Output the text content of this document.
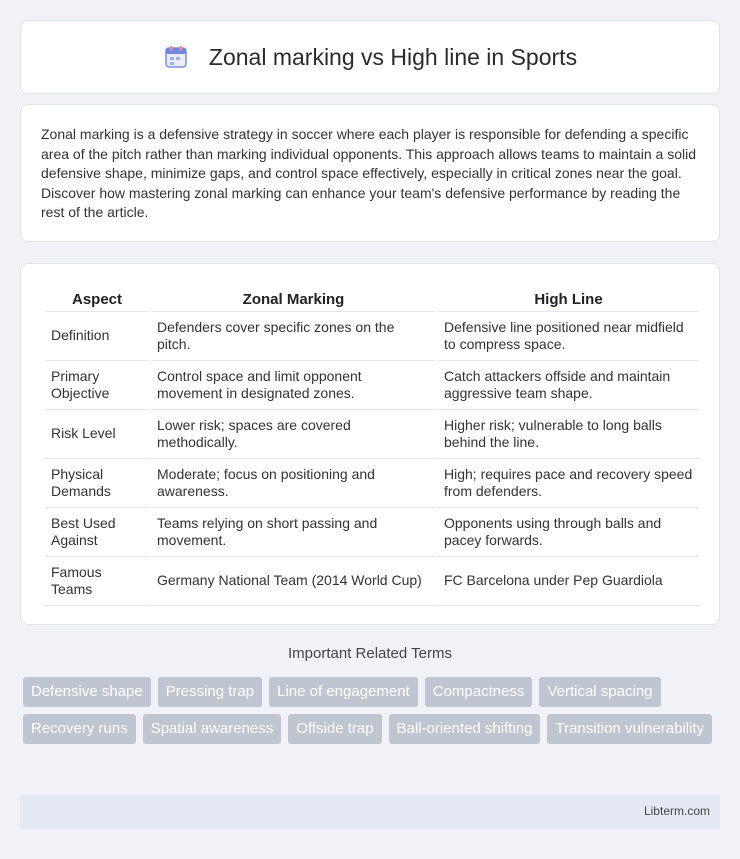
Zonal marking vs High line in Sports

Zonal marking is a defensive strategy in soccer where each player is responsible for defending a specific area of the pitch rather than marking individual opponents. This approach allows teams to maintain a solid defensive shape, minimize gaps, and control space effectively, especially in critical zones near the goal. Discover how mastering zonal marking can enhance your team's defensive performance by reading the rest of the article.

Aspect	Zonal Marking	High Line
Definition	Defenders cover specific zones on the pitch.	Defensive line positioned near midfield to compress space.
Primary Objective	Control space and limit opponent movement in designated zones.	Catch attackers offside and maintain aggressive team shape.
Risk Level	Lower risk; spaces are covered methodically.	Higher risk; vulnerable to long balls behind the line.
Physical Demands	Moderate; focus on positioning and awareness.	High; requires pace and recovery speed from defenders.
Best Used Against	Teams relying on short passing and movement.	Opponents using through balls and pacey forwards.
Famous Teams	Germany National Team (2014 World Cup)	FC Barcelona under Pep Guardiola
Important Related Terms
Defensive shape	Pressing trap	Line of engagement	Compactness	Vertical spacing
Recovery runs	Spatial awareness	Offside trap	Ball-oriented shifting	Transition vulnerability
Libterm.com
